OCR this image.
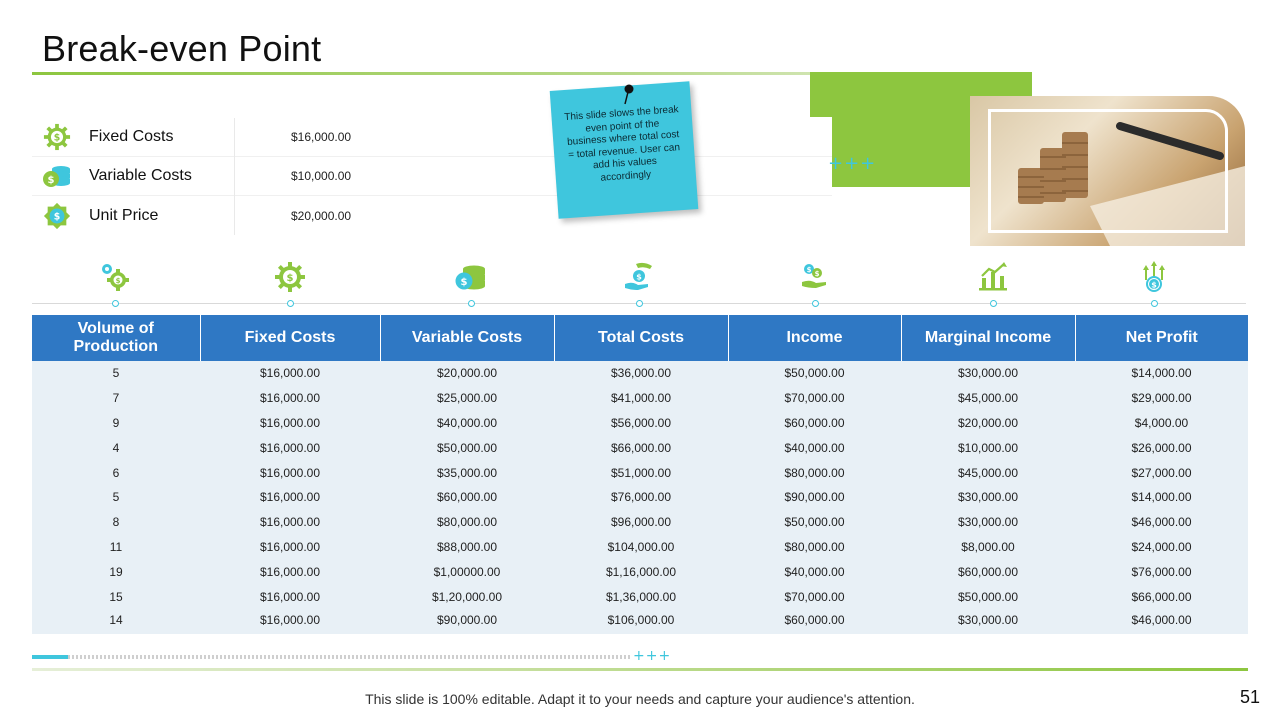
Break-even Point
$ Fixed Costs	$16,000.00
$ Variable Costs	$10,000.00
$ Unit Price	$20,000.00
+++
This slide slows the break even point of the business where total cost = total revenue. User can add his values accordingly
$	$	$	$
$ $
$
Volume of Production	Fixed Costs	Variable Costs	Total Costs	Income	Marginal Income	Net Profit
5	$16,000.00	$20,000.00	$36,000.00	$50,000.00	$30,000.00	$14,000.00
7	$16,000.00	$25,000.00	$41,000.00	$70,000.00	$45,000.00	$29,000.00
9	$16,000.00	$40,000.00	$56,000.00	$60,000.00	$20,000.00	$4,000.00
4	$16,000.00	$50,000.00	$66,000.00	$40,000.00	$10,000.00	$26,000.00
6	$16,000.00	$35,000.00	$51,000.00	$80,000.00	$45,000.00	$27,000.00
5	$16,000.00	$60,000.00	$76,000.00	$90,000.00	$30,000.00	$14,000.00
8	$16,000.00	$80,000.00	$96,000.00	$50,000.00	$30,000.00	$46,000.00
11	$16,000.00	$88,000.00	$104,000.00	$80,000.00	$8,000.00	$24,000.00
19	$16,000.00	$1,00000.00	$1,16,000.00	$40,000.00	$60,000.00	$76,000.00
15	$16,000.00	$1,20,000.00	$1,36,000.00	$70,000.00	$50,000.00	$66,000.00
14	$16,000.00	$90,000.00	$106,000.00	$60,000.00	$30,000.00	$46,000.00
+++
This slide is 100% editable. Adapt it to your needs and capture your audience's attention.	51
